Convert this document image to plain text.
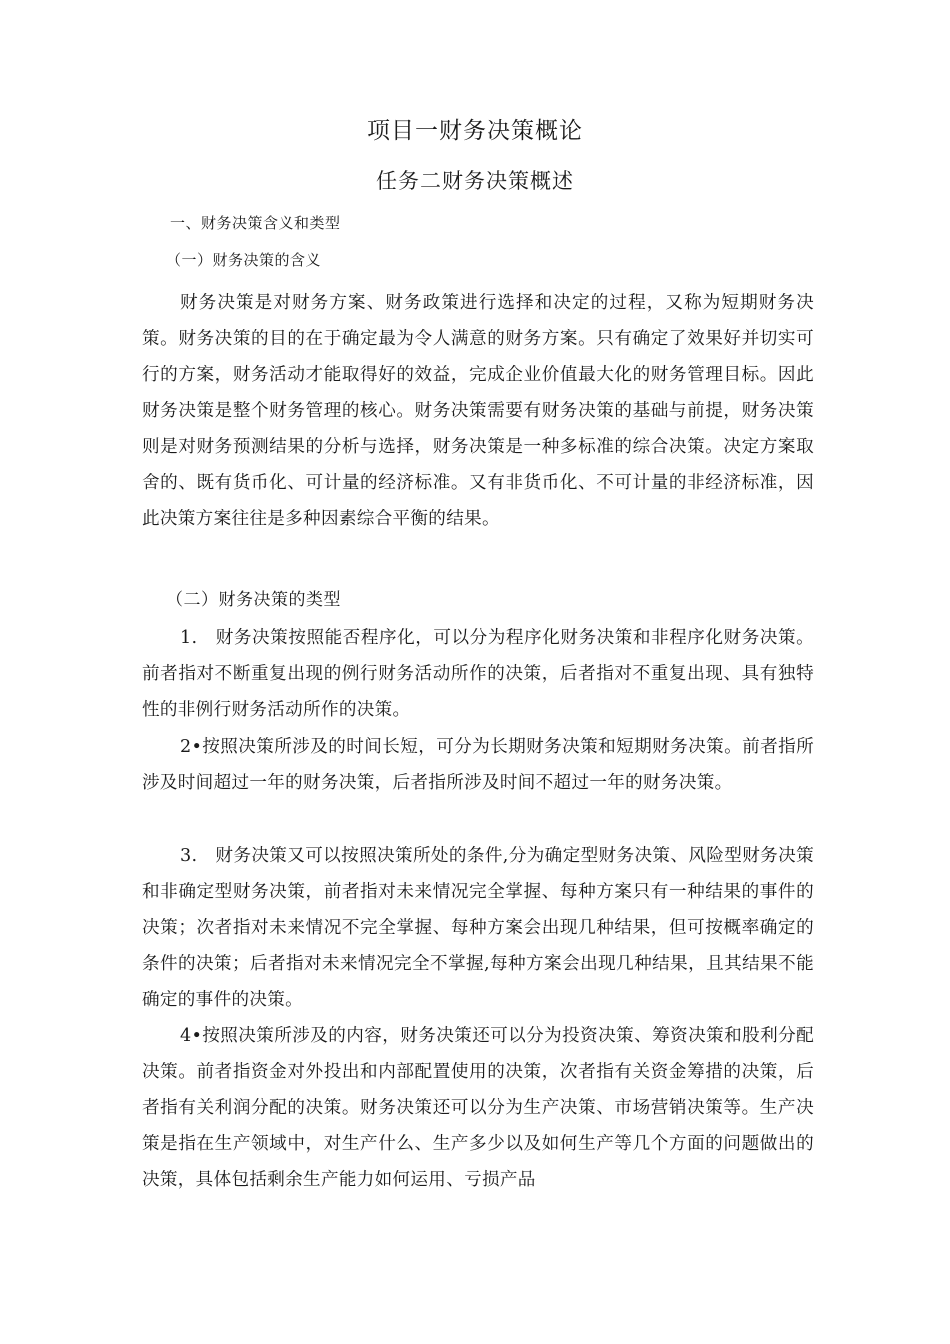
项目一财务决策概论
任务二财务决策概述
一、财务决策含义和类型
（一）财务决策的含义
财务决策是对财务方案、财务政策进行选择和决定的过程，又称为短期财务决策。财务决策的目的在于确定最为令人满意的财务方案。只有确定了效果好并切实可行的方案，财务活动才能取得好的效益，完成企业价值最大化的财务管理目标。因此财务决策是整个财务管理的核心。财务决策需要有财务决策的基础与前提，财务决策则是对财务预测结果的分析与选择，财务决策是一种多标准的综合决策。决定方案取舍的、既有货币化、可计量的经济标准。又有非货币化、不可计量的非经济标准，因此决策方案往往是多种因素综合平衡的结果。
（二）财务决策的类型
1.　财务决策按照能否程序化，可以分为程序化财务决策和非程序化财务决策。前者指对不断重复出现的例行财务活动所作的决策，后者指对不重复出现、具有独特性的非例行财务活动所作的决策。
2•按照决策所涉及的时间长短，可分为长期财务决策和短期财务决策。前者指所涉及时间超过一年的财务决策，后者指所涉及时间不超过一年的财务决策。
3.　财务决策又可以按照决策所处的条件,分为确定型财务决策、风险型财务决策和非确定型财务决策，前者指对未来情况完全掌握、每种方案只有一种结果的事件的决策；次者指对未来情况不完全掌握、每种方案会出现几种结果，但可按概率确定的条件的决策；后者指对未来情况完全不掌握,每种方案会出现几种结果，且其结果不能确定的事件的决策。
4•按照决策所涉及的内容，财务决策还可以分为投资决策、筹资决策和股利分配决策。前者指资金对外投出和内部配置使用的决策，次者指有关资金筹措的决策，后者指有关利润分配的决策。财务决策还可以分为生产决策、市场营销决策等。生产决策是指在生产领域中，对生产什么、生产多少以及如何生产等几个方面的问题做出的决策，具体包括剩余生产能力如何运用、亏损产品
